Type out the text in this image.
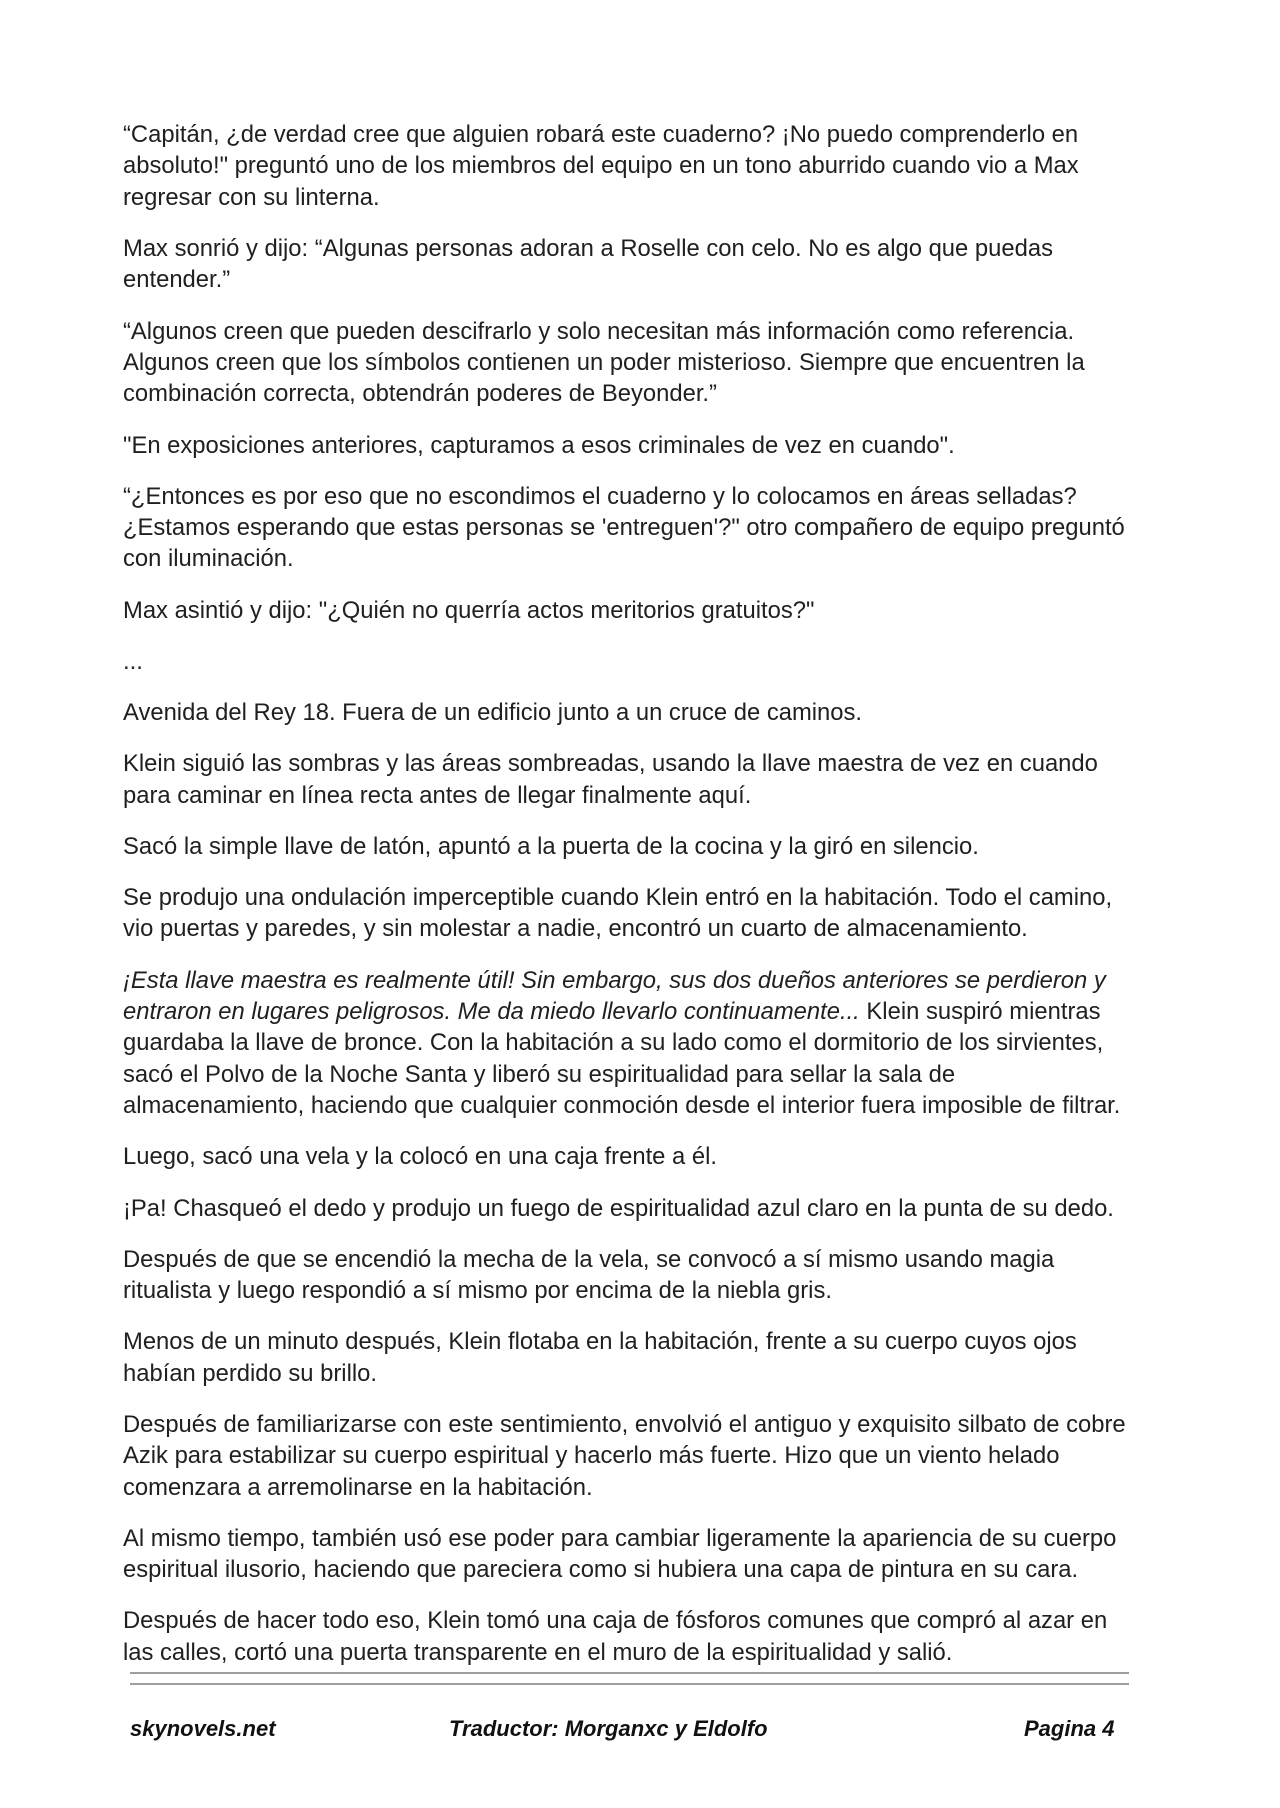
“Capitán, ¿de verdad cree que alguien robará este cuaderno? ¡No puedo comprenderlo en
absoluto!" preguntó uno de los miembros del equipo en un tono aburrido cuando vio a Max
regresar con su linterna.
Max sonrió y dijo: “Algunas personas adoran a Roselle con celo. No es algo que puedas
entender.”
“Algunos creen que pueden descifrarlo y solo necesitan más información como referencia.
Algunos creen que los símbolos contienen un poder misterioso. Siempre que encuentren la
combinación correcta, obtendrán poderes de Beyonder.”
"En exposiciones anteriores, capturamos a esos criminales de vez en cuando".
“¿Entonces es por eso que no escondimos el cuaderno y lo colocamos en áreas selladas?
¿Estamos esperando que estas personas se 'entreguen'?" otro compañero de equipo preguntó
con iluminación.
Max asintió y dijo: "¿Quién no querría actos meritorios gratuitos?"
...
Avenida del Rey 18. Fuera de un edificio junto a un cruce de caminos.
Klein siguió las sombras y las áreas sombreadas, usando la llave maestra de vez en cuando
para caminar en línea recta antes de llegar finalmente aquí.
Sacó la simple llave de latón, apuntó a la puerta de la cocina y la giró en silencio.
Se produjo una ondulación imperceptible cuando Klein entró en la habitación. Todo el camino,
vio puertas y paredes, y sin molestar a nadie, encontró un cuarto de almacenamiento.
¡Esta llave maestra es realmente útil! Sin embargo, sus dos dueños anteriores se perdieron y
entraron en lugares peligrosos. Me da miedo llevarlo continuamente... Klein suspiró mientras
guardaba la llave de bronce. Con la habitación a su lado como el dormitorio de los sirvientes,
sacó el Polvo de la Noche Santa y liberó su espiritualidad para sellar la sala de
almacenamiento, haciendo que cualquier conmoción desde el interior fuera imposible de filtrar.
Luego, sacó una vela y la colocó en una caja frente a él.
¡Pa! Chasqueó el dedo y produjo un fuego de espiritualidad azul claro en la punta de su dedo.
Después de que se encendió la mecha de la vela, se convocó a sí mismo usando magia
ritualista y luego respondió a sí mismo por encima de la niebla gris.
Menos de un minuto después, Klein flotaba en la habitación, frente a su cuerpo cuyos ojos
habían perdido su brillo.
Después de familiarizarse con este sentimiento, envolvió el antiguo y exquisito silbato de cobre
Azik para estabilizar su cuerpo espiritual y hacerlo más fuerte. Hizo que un viento helado
comenzara a arremolinarse en la habitación.
Al mismo tiempo, también usó ese poder para cambiar ligeramente la apariencia de su cuerpo
espiritual ilusorio, haciendo que pareciera como si hubiera una capa de pintura en su cara.
Después de hacer todo eso, Klein tomó una caja de fósforos comunes que compró al azar en
las calles, cortó una puerta transparente en el muro de la espiritualidad y salió.
skynovels.net	Traductor: Morganxc y Eldolfo	Pagina 4
